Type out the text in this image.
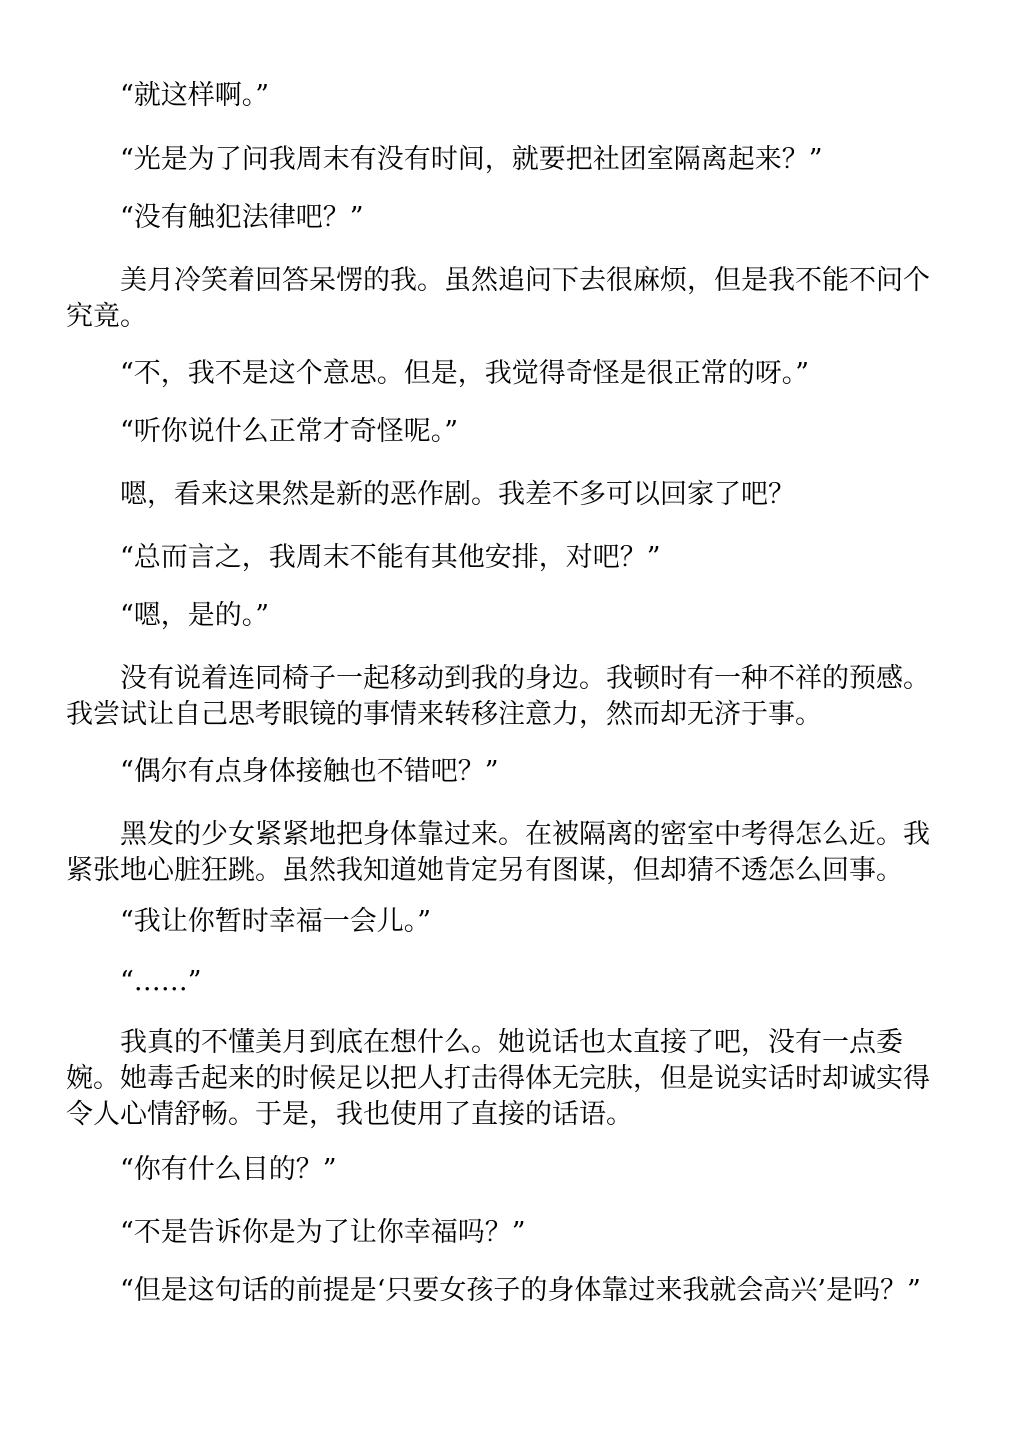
“就这样啊。”

“光是为了问我周末有没有时间，就要把社团室隔离起来？”

“没有触犯法律吧？”

美月冷笑着回答呆愣的我。虽然追问下去很麻烦，但是我不能不问个究竟。

“不，我不是这个意思。但是，我觉得奇怪是很正常的呀。”

“听你说什么正常才奇怪呢。”

嗯，看来这果然是新的恶作剧。我差不多可以回家了吧？

“总而言之，我周末不能有其他安排，对吧？”

“嗯，是的。”

没有说着连同椅子一起移动到我的身边。我顿时有一种不祥的预感。我尝试让自己思考眼镜的事情来转移注意力，然而却无济于事。

“偶尔有点身体接触也不错吧？”

黑发的少女紧紧地把身体靠过来。在被隔离的密室中考得怎么近。我紧张地心脏狂跳。虽然我知道她肯定另有图谋，但却猜不透怎么回事。

“我让你暂时幸福一会儿。”

“……”

我真的不懂美月到底在想什么。她说话也太直接了吧，没有一点委婉。她毒舌起来的时候足以把人打击得体无完肤，但是说实话时却诚实得令人心情舒畅。于是，我也使用了直接的话语。

“你有什么目的？”

“不是告诉你是为了让你幸福吗？”

“但是这句话的前提是‘只要女孩子的身体靠过来我就会高兴’是吗？”
